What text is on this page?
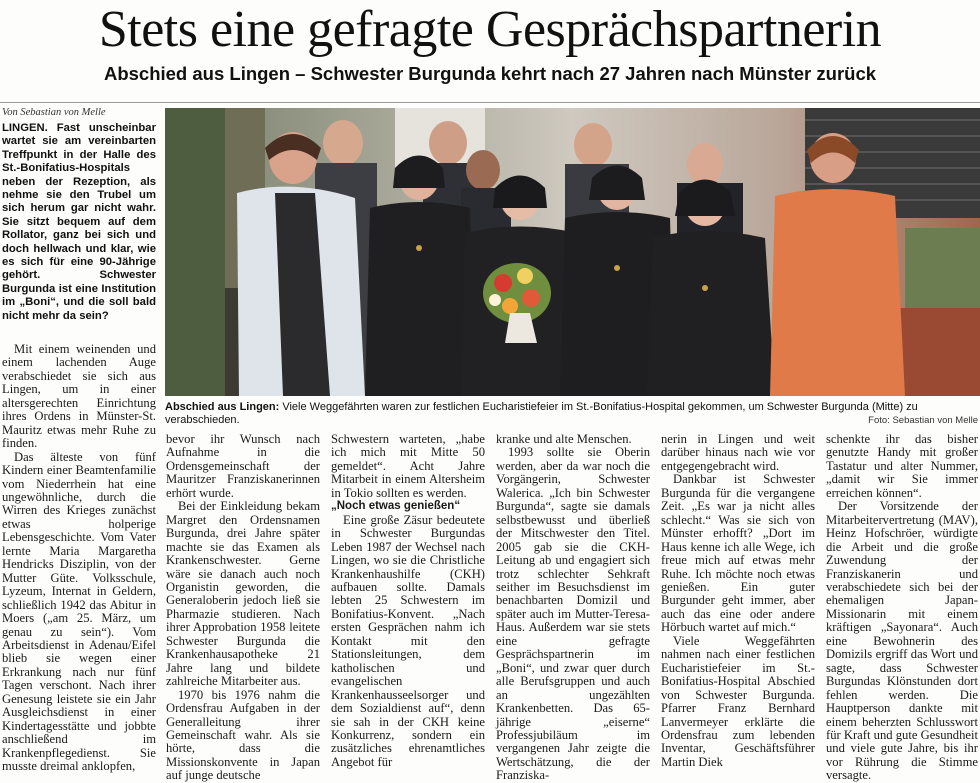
Stets eine gefragte Gesprächspartnerin
Abschied aus Lingen – Schwester Burgunda kehrt nach 27 Jahren nach Münster zurück
Von Sebastian von Melle
LINGEN. Fast unscheinbar wartet sie am vereinbarten Treffpunkt in der Halle des St.-Bonifatius-Hospitals neben der Rezeption, als nehme sie den Trubel um sich herum gar nicht wahr. Sie sitzt bequem auf dem Rollator, ganz bei sich und doch hellwach und klar, wie es sich für eine 90-Jährige gehört. Schwester Burgunda ist eine Institution im „Boni“, und die soll bald nicht mehr da sein?

Mit einem weinenden und einem lachenden Auge verabschiedet sie sich aus Lingen, um in einer altersgerechten Einrichtung ihres Ordens in Münster-St. Mauritz etwas mehr Ruhe zu finden.

Das älteste von fünf Kindern einer Beamtenfamilie vom Niederrhein hat eine ungewöhnliche, durch die Wirren des Krieges zunächst etwas holperige Lebensgeschichte. Vom Vater lernte Maria Margaretha Hendricks Disziplin, von der Mutter Güte. Volksschule, Lyzeum, Internat in Geldern, schließlich 1942 das Abitur in Moers („am 25. März, um genau zu sein“). Vom Arbeitsdienst in Adenau/Eifel blieb sie wegen einer Erkrankung nach nur fünf Tagen verschont. Nach ihrer Genesung leistete sie ein Jahr Ausgleichsdienst in einer Kindertagesstätte und jobbte anschließend im Krankenpflegedienst. Sie musste dreimal anklopfen,

Abschied aus Lingen: Viele Weggefährten waren zur festlichen Eucharistiefeier im St.-Bonifatius-Hospital gekommen, um Schwester Burgunda (Mitte) zu verabschieden.	Foto: Sebastian von Melle

bevor ihr Wunsch nach Aufnahme in die Ordensgemeinschaft der Mauritzer Franziskanerinnen erhört wurde.

Bei der Einkleidung bekam Margret den Ordensnamen Burgunda, drei Jahre später machte sie das Examen als Krankenschwester. Gerne wäre sie danach auch noch Organistin geworden, die Generaloberin jedoch ließ sie Pharmazie studieren. Nach ihrer Approbation 1958 leitete Schwester Burgunda die Krankenhausapotheke 21 Jahre lang und bildete zahlreiche Mitarbeiter aus.

1970 bis 1976 nahm die Ordensfrau Aufgaben in der Generalleitung ihrer Gemeinschaft wahr. Als sie hörte, dass die Missionskonvente in Japan auf junge deutsche

Schwestern warteten, „habe ich mich mit Mitte 50 gemeldet“. Acht Jahre Mitarbeit in einem Altersheim in Tokio sollten es werden.

„Noch etwas genießen“

Eine große Zäsur bedeutete in Schwester Burgundas Leben 1987 der Wechsel nach Lingen, wo sie die Christliche Krankenhaushilfe (CKH) aufbauen sollte. Damals lebten 25 Schwestern im Bonifatius-Konvent. „Nach ersten Gesprächen nahm ich Kontakt mit den Stationsleitungen, dem katholischen und evangelischen Krankenhausseelsorger und dem Sozialdienst auf“, denn sie sah in der CKH keine Konkurrenz, sondern ein zusätzliches ehrenamtliches Angebot für

kranke und alte Menschen.

1993 sollte sie Oberin werden, aber da war noch die Vorgängerin, Schwester Walerica. „Ich bin Schwester Burgunda“, sagte sie damals selbstbewusst und überließ der Mitschwester den Titel. 2005 gab sie die CKH-Leitung ab und engagiert sich trotz schlechter Sehkraft seither im Besuchsdienst im benachbarten Domizil und später auch im Mutter-Teresa-Haus. Außerdem war sie stets eine gefragte Gesprächspartnerin im „Boni“, und zwar quer durch alle Berufsgruppen und auch an ungezählten Krankenbetten. Das 65-jährige „eiserne“ Professjubiläum im vergangenen Jahr zeigte die Wertschätzung, die der Franziska-

nerin in Lingen und weit darüber hinaus nach wie vor entgegengebracht wird.

Dankbar ist Schwester Burgunda für die vergangene Zeit. „Es war ja nicht alles schlecht.“ Was sie sich von Münster erhofft? „Dort im Haus kenne ich alle Wege, ich freue mich auf etwas mehr Ruhe. Ich möchte noch etwas genießen. Ein guter Burgunder geht immer, aber auch das eine oder andere Hörbuch wartet auf mich.“

Viele Weggefährten nahmen nach einer festlichen Eucharistiefeier im St.-Bonifatius-Hospital Abschied von Schwester Burgunda. Pfarrer Franz Bernhard Lanvermeyer erklärte die Ordensfrau zum lebenden Inventar, Geschäftsführer Martin Diek

schenkte ihr das bisher genutzte Handy mit großer Tastatur und alter Nummer, „damit wir Sie immer erreichen können“.

Der Vorsitzende der Mitarbeitervertretung (MAV), Heinz Hofschröer, würdigte die Arbeit und die große Zuwendung der Franziskanerin und verabschiedete sich bei der ehemaligen Japan-Missionarin mit einem kräftigen „Sayonara“. Auch eine Bewohnerin des Domizils ergriff das Wort und sagte, dass Schwester Burgundas Klönstunden dort fehlen werden. Die Hauptperson dankte mit einem beherzten Schlusswort für Kraft und gute Gesundheit und viele gute Jahre, bis ihr vor Rührung die Stimme versagte.
